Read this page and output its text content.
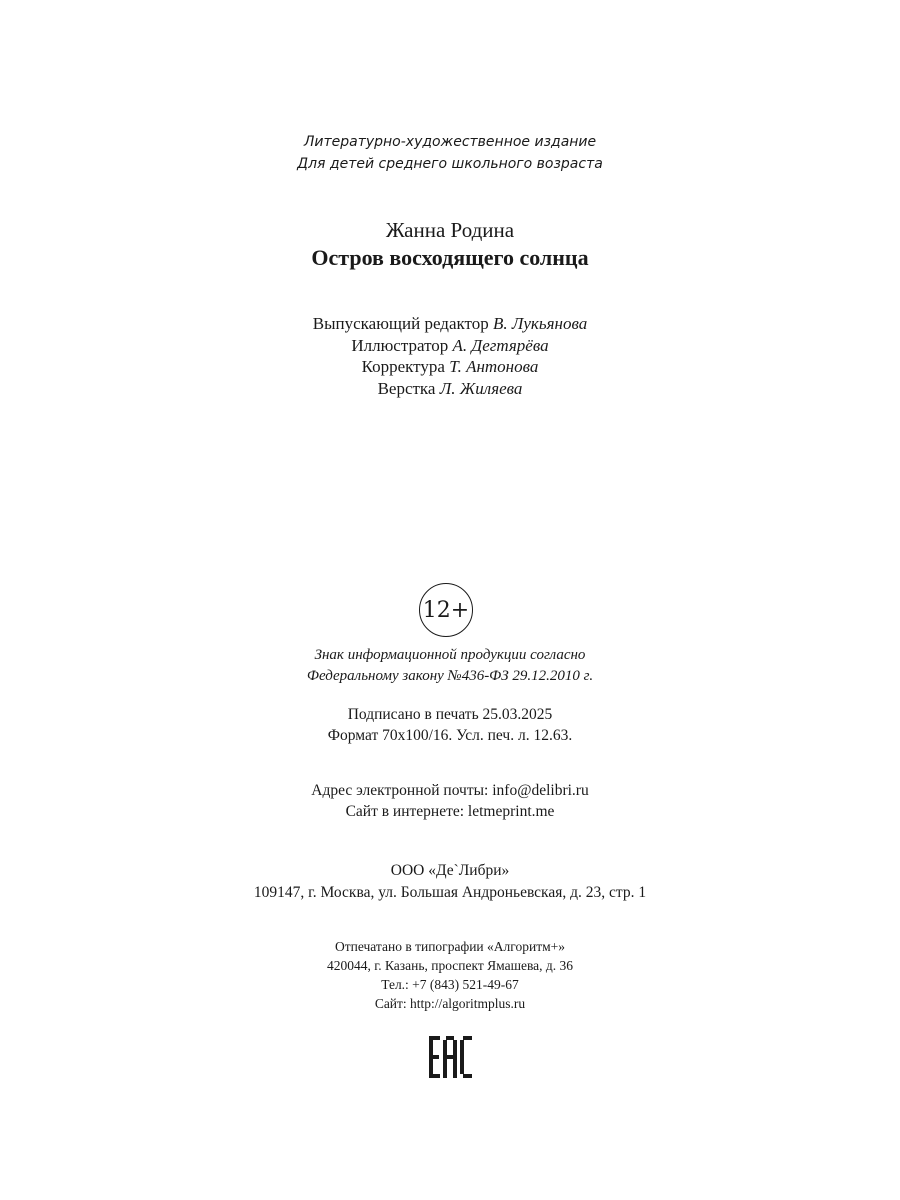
Литературно-художественное издание
Для детей среднего школьного возраста
Жанна Родина
Остров восходящего солнца
Выпускающий редактор В. Лукьянова
Иллюстратор А. Дегтярёва
Корректура Т. Антонова
Верстка Л. Жиляева
12+
Знак информационной продукции согласно
Федеральному закону №436-ФЗ 29.12.2010 г.
Подписано в печать 25.03.2025
Формат 70х100/16. Усл. печ. л. 12.63.
Адрес электронной почты: info@delibri.ru
Сайт в интернете: letmeprint.me
ООО «Де`Либри»
109147, г. Москва, ул. Большая Андроньевская, д. 23, стр. 1
Отпечатано в типографии «Алгоритм+»
420044, г. Казань, проспект Ямашева, д. 36
Тел.: +7 (843) 521-49-67
Сайт: http://algoritmplus.ru
